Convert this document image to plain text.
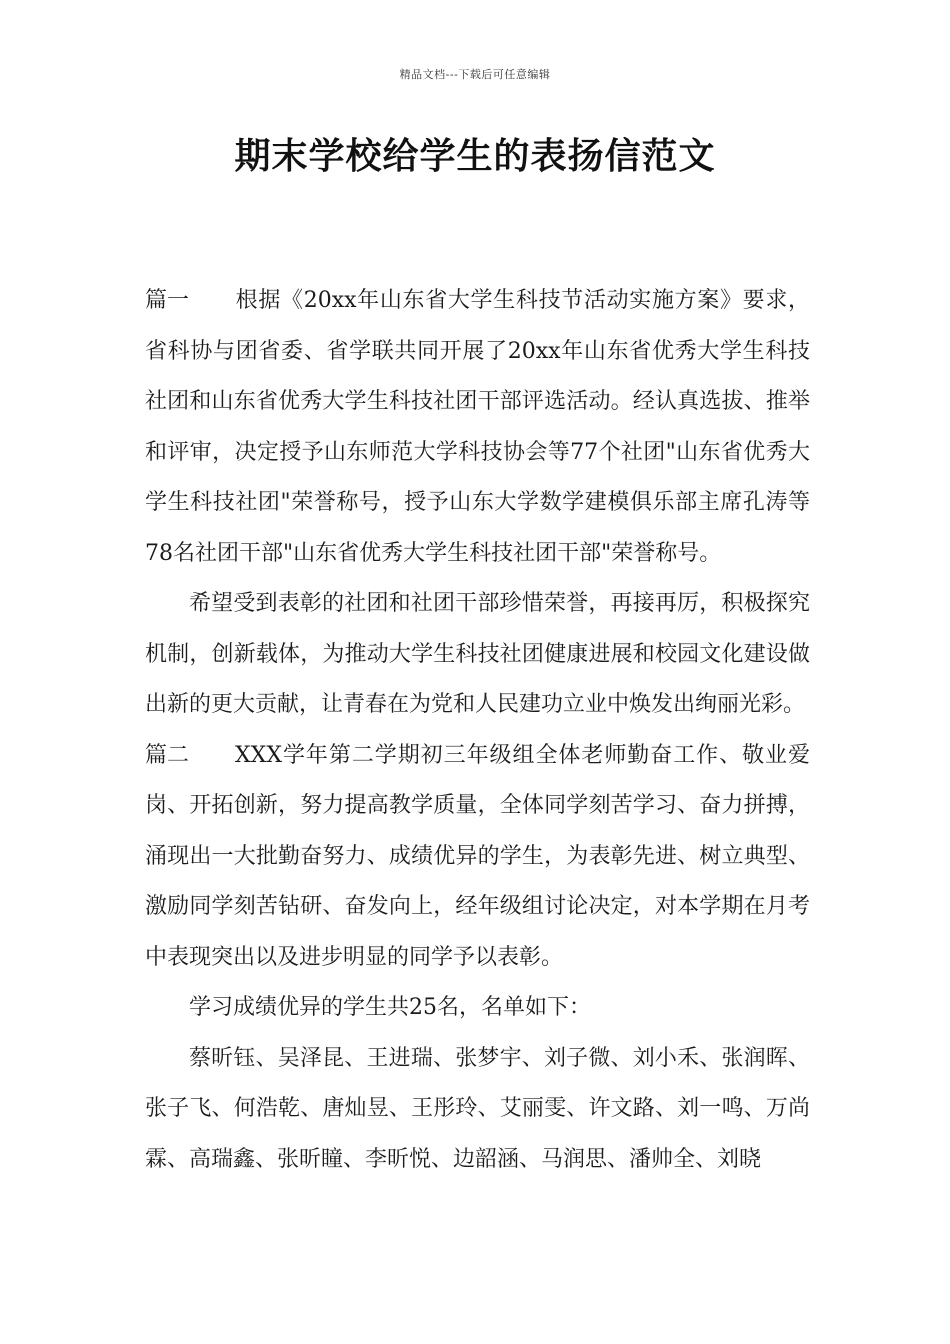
精品文档---下载后可任意编辑
期末学校给学生的表扬信范文

篇一 根据《20xx年山东省大学生科技节活动实施方案》要求，省科协与团省委、省学联共同开展了20xx年山东省优秀大学生科技社团和山东省优秀大学生科技社团干部评选活动。经认真选拔、推举和评审，决定授予山东师范大学科技协会等77个社团"山东省优秀大学生科技社团"荣誉称号，授予山东大学数学建模俱乐部主席孔涛等78名社团干部"山东省优秀大学生科技社团干部"荣誉称号。

希望受到表彰的社团和社团干部珍惜荣誉，再接再厉，积极探究机制，创新载体，为推动大学生科技社团健康进展和校园文化建设做出新的更大贡献，让青春在为党和人民建功立业中焕发出绚丽光彩。

篇二 XXX学年第二学期初三年级组全体老师勤奋工作、敬业爱岗、开拓创新，努力提高教学质量，全体同学刻苦学习、奋力拼搏，涌现出一大批勤奋努力、成绩优异的学生，为表彰先进、树立典型、激励同学刻苦钻研、奋发向上，经年级组讨论决定，对本学期在月考中表现突出以及进步明显的同学予以表彰。

学习成绩优异的学生共25名，名单如下：

蔡昕钰、吴泽昆、王进瑞、张梦宇、刘子微、刘小禾、张润晖、张子飞、何浩乾、唐灿昱、王彤玲、艾丽雯、许文路、刘一鸣、万尚霖、高瑞鑫、张昕瞳、李昕悦、边韶涵、马润思、潘帅全、刘晓
